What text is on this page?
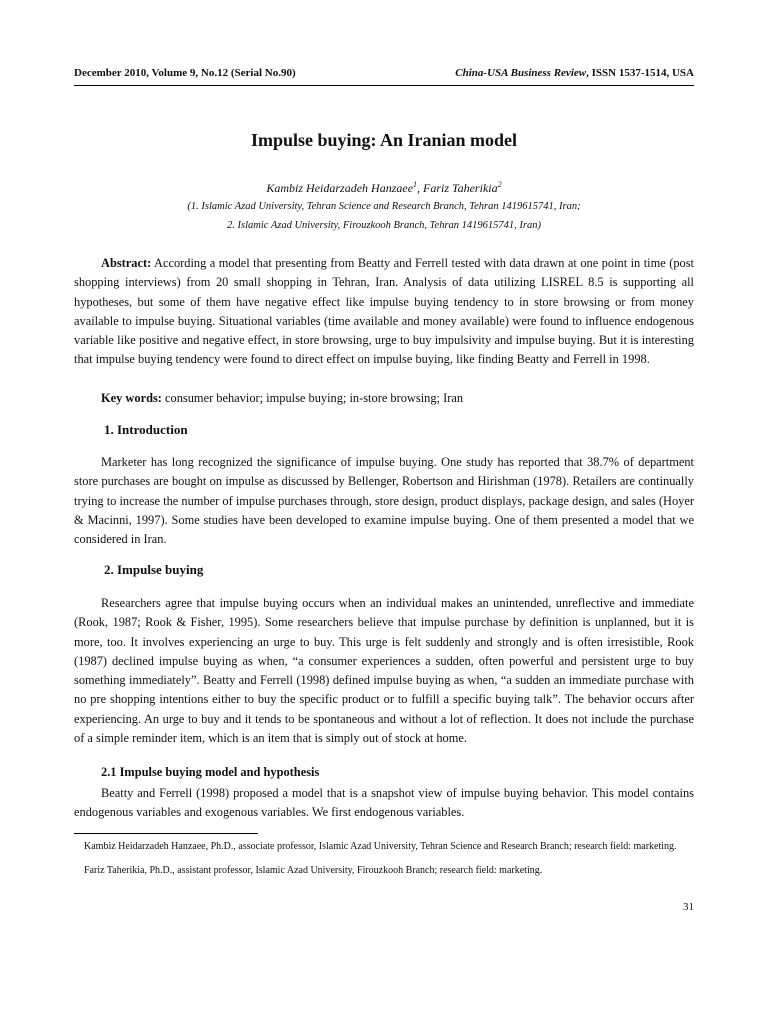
December 2010, Volume 9, No.12 (Serial No.90)	China-USA Business Review, ISSN 1537-1514, USA
Impulse buying: An Iranian model
Kambiz Heidarzadeh Hanzaee$^1$, Fariz Taherikia$^2$
(1. Islamic Azad University, Tehran Science and Research Branch, Tehran 1419615741, Iran;
2. Islamic Azad University, Firouzkooh Branch, Tehran 1419615741, Iran)

Abstract: According a model that presenting from Beatty and Ferrell tested with data drawn at one point in time (post shopping interviews) from 20 small shopping in Tehran, Iran. Analysis of data utilizing LISREL 8.5 is supporting all hypotheses, but some of them have negative effect like impulse buying tendency to in store browsing or from money available to impulse buying. Situational variables (time available and money available) were found to influence endogenous variable like positive and negative effect, in store browsing, urge to buy impulsivity and impulse buying. But it is interesting that impulse buying tendency were found to direct effect on impulse buying, like finding Beatty and Ferrell in 1998.

Key words: consumer behavior; impulse buying; in-store browsing; Iran
1. Introduction

Marketer has long recognized the significance of impulse buying. One study has reported that 38.7% of department store purchases are bought on impulse as discussed by Bellenger, Robertson and Hirishman (1978). Retailers are continually trying to increase the number of impulse purchases through, store design, product displays, package design, and sales (Hoyer & Macinni, 1997). Some studies have been developed to examine impulse buying. One of them presented a model that we considered in Iran.

2. Impulse buying

Researchers agree that impulse buying occurs when an individual makes an unintended, unreflective and immediate (Rook, 1987; Rook & Fisher, 1995). Some researchers believe that impulse purchase by definition is unplanned, but it is more, too. It involves experiencing an urge to buy. This urge is felt suddenly and strongly and is often irresistible, Rook (1987) declined impulse buying as when, “a consumer experiences a sudden, often powerful and persistent urge to buy something immediately”. Beatty and Ferrell (1998) defined impulse buying as when, “a sudden an immediate purchase with no pre shopping intentions either to buy the specific product or to fulfill a specific buying talk”. The behavior occurs after experiencing. An urge to buy and it tends to be spontaneous and without a lot of reflection. It does not include the purchase of a simple reminder item, which is an item that is simply out of stock at home.

2.1 Impulse buying model and hypothesis

Beatty and Ferrell (1998) proposed a model that is a snapshot view of impulse buying behavior. This model contains endogenous variables and exogenous variables. We first endogenous variables.

Kambiz Heidarzadeh Hanzaee, Ph.D., associate professor, Islamic Azad University, Tehran Science and Research Branch; research field: marketing.
Fariz Taherikia, Ph.D., assistant professor, Islamic Azad University, Firouzkooh Branch; research field: marketing.
31
